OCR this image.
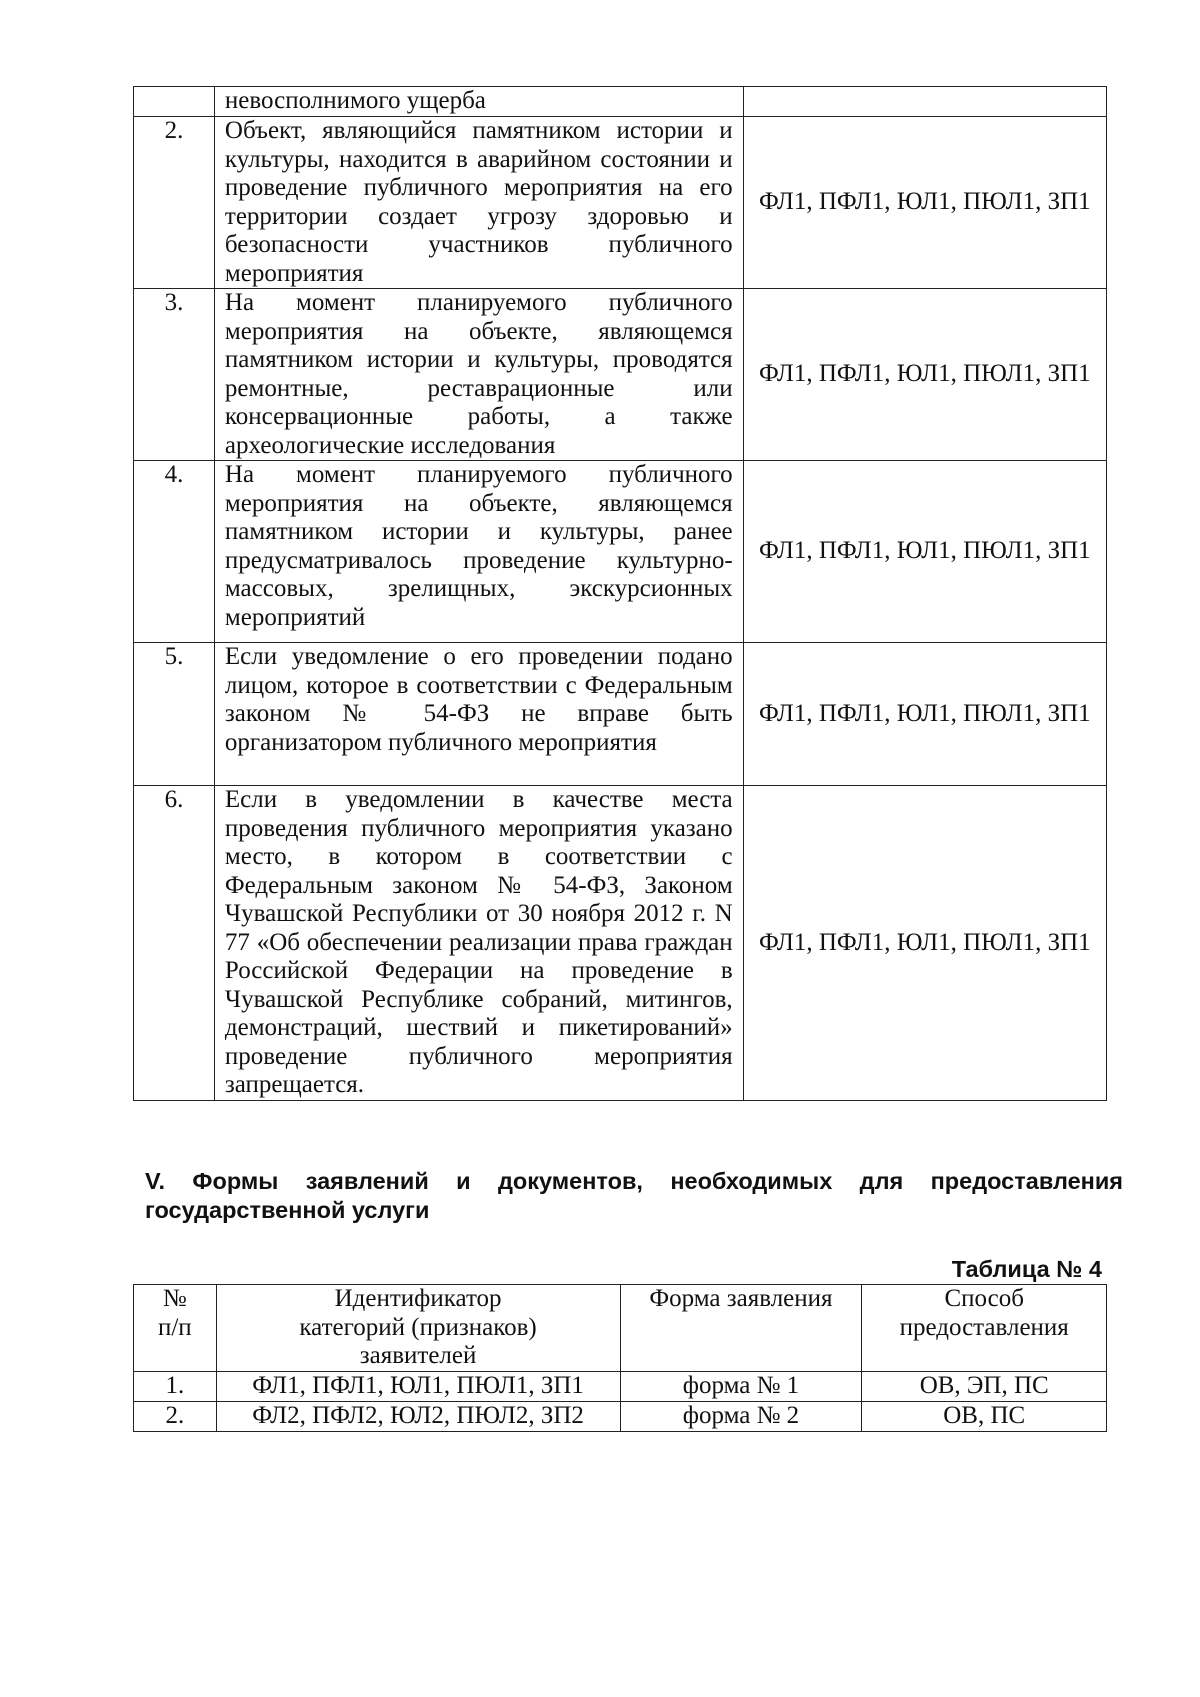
	невосполнимого ущерба	

2.	Объект, являющийся памятником истории и культуры, находится в аварийном состоянии и проведение публичного мероприятия на его территории создает угрозу здоровью и безопасности участников публичного мероприятия	ФЛ1, ПФЛ1, ЮЛ1, ПЮЛ1, ЗП1
3.	На момент планируемого публичного мероприятия на объекте, являющемся памятником истории и культуры, проводятся ремонтные, реставрационные или консервационные работы, а также археологические исследования	ФЛ1, ПФЛ1, ЮЛ1, ПЮЛ1, ЗП1
4.	На момент планируемого публичного мероприятия на объекте, являющемся памятником истории и культуры, ранее предусматривалось проведение культурно-массовых, зрелищных, экскурсионных мероприятий	ФЛ1, ПФЛ1, ЮЛ1, ПЮЛ1, ЗП1
5.	Если уведомление о его проведении подано лицом, которое в соответствии с Федеральным законом № 54-ФЗ не вправе быть организатором публичного мероприятия	ФЛ1, ПФЛ1, ЮЛ1, ПЮЛ1, ЗП1
6.	Если в уведомлении в качестве места проведения публичного мероприятия указано место, в котором в соответствии с Федеральным законом № 54-ФЗ, Законом Чувашской Республики от 30 ноября 2012 г. N 77 «Об обеспечении реализации права граждан Российской Федерации на проведение в Чувашской Республике собраний, митингов, демонстраций, шествий и пикетирований» проведение публичного мероприятия запрещается.	ФЛ1, ПФЛ1, ЮЛ1, ПЮЛ1, ЗП1
V. Формы заявлений и документов, необходимых для предоставления государственной услуги
Таблица № 4
№ п/п	Идентификатор категорий (признаков) заявителей	Форма заявления	Способ предоставления

1.	ФЛ1, ПФЛ1, ЮЛ1, ПЮЛ1, ЗП1	форма № 1	ОВ, ЭП, ПС
2.	ФЛ2, ПФЛ2, ЮЛ2, ПЮЛ2, ЗП2	форма № 2	ОВ, ПС
